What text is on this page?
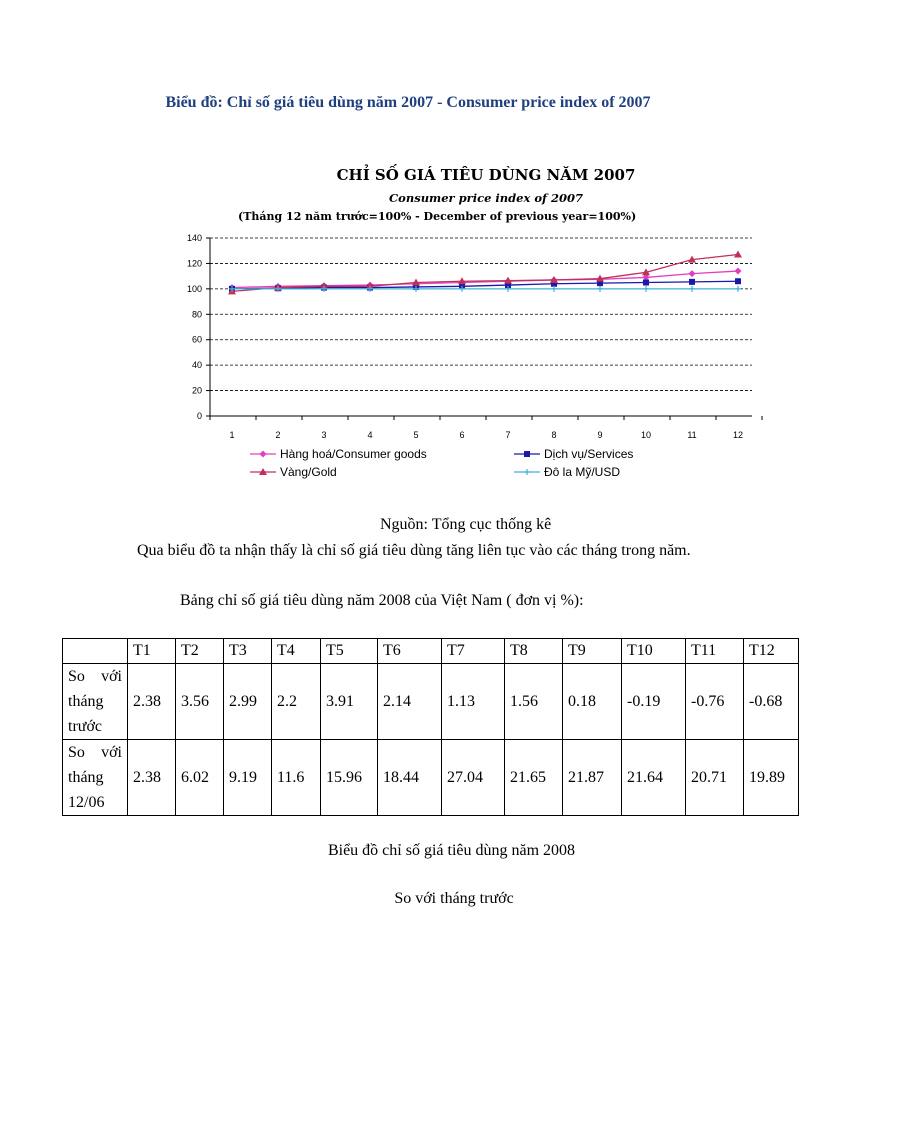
Biểu đồ: Chỉ số giá tiêu dùng năm 2007 - Consumer price index of 2007
CHỈ SỐ GIÁ TIÊU DÙNG NĂM 2007
Consumer price index of 2007
(Tháng 12 năm trước=100% - December of previous year=100%)
0
20
40
60
80
100
120
140
1	2	3	4	5	6	7	8	9	10	11	12
Hàng hoá/Consumer goods	Dịch vụ/Services
Vàng/Gold	Đô la Mỹ/USD
Nguồn: Tổng cục thống kê
Qua biểu đồ ta nhận thấy là chỉ số giá tiêu dùng tăng liên tục vào các tháng trong năm.
Bảng chỉ số giá tiêu dùng năm 2008 của Việt Nam ( đơn vị %):
	T1	T2	T3	T4	T5	T6	T7	T8	T9	T10	T11	T12
So với tháng trước	2.38	3.56	2.99	2.2	3.91	2.14	1.13	1.56	0.18	-0.19	-0.76	-0.68
So với tháng 12/06	2.38	6.02	9.19	11.6	15.96	18.44	27.04	21.65	21.87	21.64	20.71	19.89
Biểu đồ chỉ số giá tiêu dùng năm 2008
So với tháng trước
